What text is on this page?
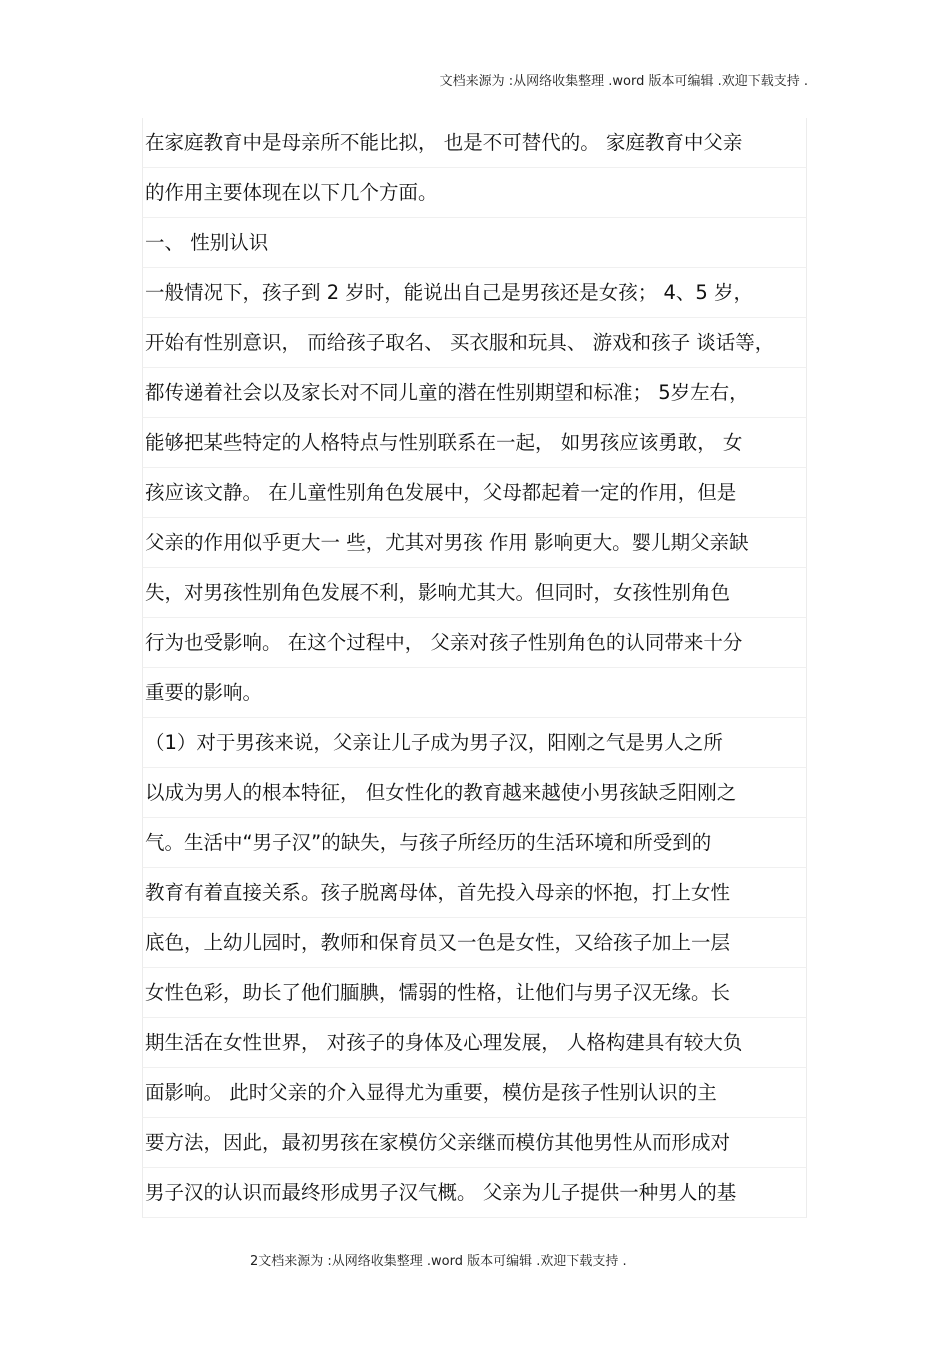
文档来源为 :从网络收集整理 .word 版本可编辑 .欢迎下载支持 .
在家庭教育中是母亲所不能比拟， 也是不可替代的。 家庭教育中父亲
的作用主要体现在以下几个方面。
一、 性别认识
一般情况下，孩子到 2 岁时，能说出自己是男孩还是女孩； 4、5 岁，
开始有性别意识， 而给孩子取名、 买衣服和玩具、 游戏和孩子 谈话等，
都传递着社会以及家长对不同儿童的潜在性别期望和标准； 5岁左右，
能够把某些特定的人格特点与性别联系在一起， 如男孩应该勇敢， 女
孩应该文静。 在儿童性别角色发展中，父母都起着一定的作用，但是
父亲的作用似乎更大一 些，尤其对男孩 作用 影响更大。婴儿期父亲缺
失，对男孩性别角色发展不利，影响尤其大。但同时，女孩性别角色
行为也受影响。 在这个过程中， 父亲对孩子性别角色的认同带来十分
重要的影响。
（1）对于男孩来说，父亲让儿子成为男子汉，阳刚之气是男人之所
以成为男人的根本特征， 但女性化的教育越来越使小男孩缺乏阳刚之
气。生活中“男子汉”的缺失，与孩子所经历的生活环境和所受到的
教育有着直接关系。孩子脱离母体，首先投入母亲的怀抱，打上女性
底色，上幼儿园时，教师和保育员又一色是女性，又给孩子加上一层
女性色彩，助长了他们腼腆，懦弱的性格，让他们与男子汉无缘。长
期生活在女性世界， 对孩子的身体及心理发展， 人格构建具有较大负
面影响。 此时父亲的介入显得尤为重要，模仿是孩子性别认识的主
要方法，因此，最初男孩在家模仿父亲继而模仿其他男性从而形成对
男子汉的认识而最终形成男子汉气概。 父亲为儿子提供一种男人的基
2文档来源为 :从网络收集整理 .word 版本可编辑 .欢迎下载支持 .
